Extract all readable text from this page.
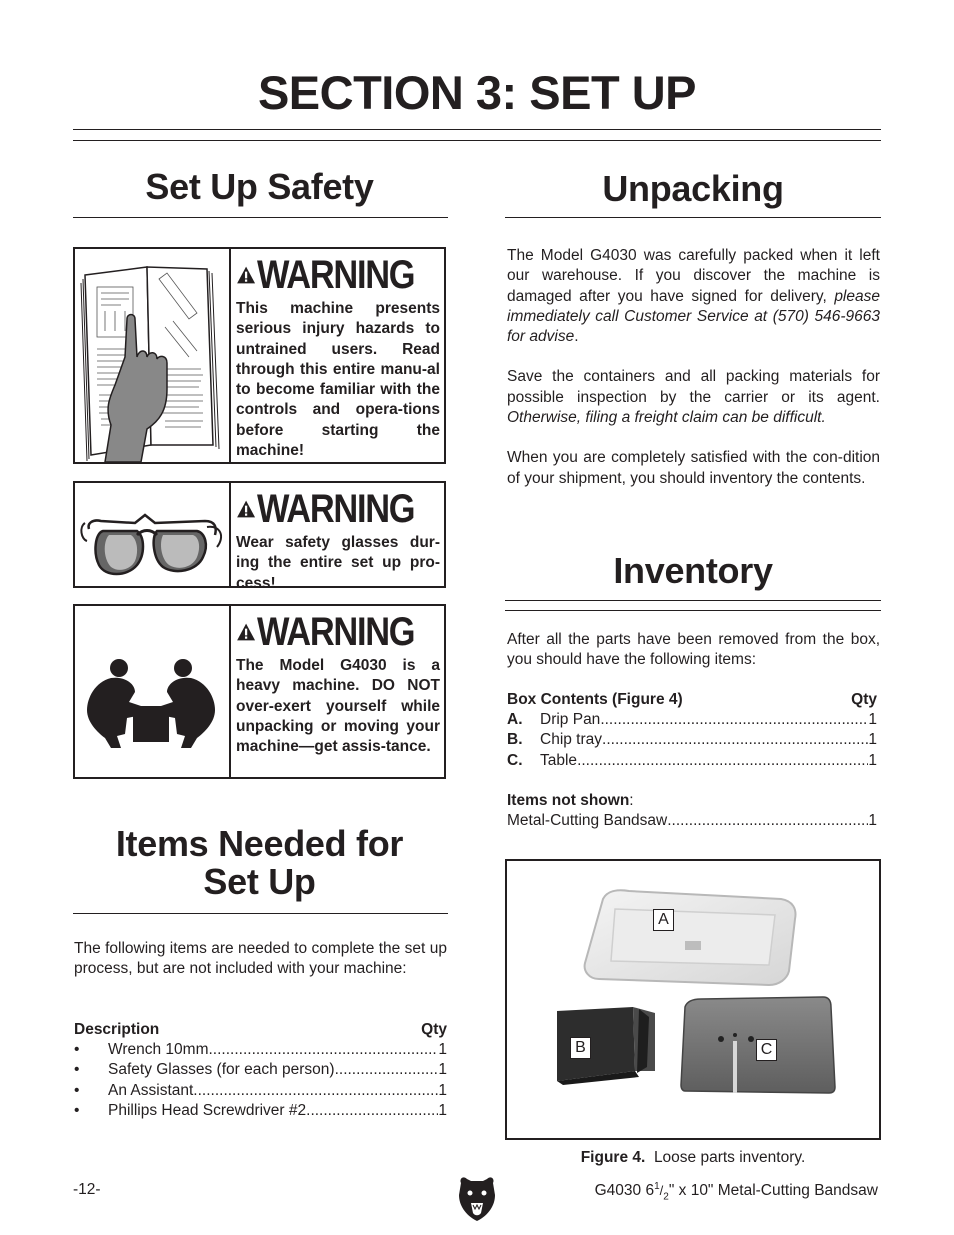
SECTION 3: SET UP
Set Up Safety
WARNING
This machine presents serious injury hazards to untrained users. Read through this entire manu-al to become familiar with the controls and opera-tions before starting the machine!
WARNING
Wear safety glasses dur-ing the entire set up pro-cess!
WARNING
The Model G4030 is a heavy machine. DO NOT over-exert yourself while unpacking or moving your machine—get assis-tance.
Items Needed for
Set Up
The following items are needed to complete the set up process, but are not included with your machine:
Description	Qty
•	Wrench 10mm .....	1
•	Safety Glasses (for each person) .....	1
•	An Assistant .....	1
•	Phillips Head Screwdriver #2 .....	1
Unpacking

The Model G4030 was carefully packed when it left our warehouse. If you discover the machine is damaged after you have signed for delivery, please immediately call Customer Service at (570) 546-9663 for advise.

Save the containers and all packing materials for possible inspection by the carrier or its agent. Otherwise, filing a freight claim can be difficult.

When you are completely satisfied with the con-dition of your shipment, you should inventory the contents.

Inventory
After all the parts have been removed from the box, you should have the following items:
Box Contents (Figure 4)	Qty
A.	Drip Pan .....	1
B.	Chip tray .....	1
C.	Table .....	1
Items not shown :
Metal-Cutting Bandsaw .....	1
A
B	C
Figure 4. Loose parts inventory.
-12-	G4030 $6^1/_2$" x 10" Metal-Cutting Bandsaw
